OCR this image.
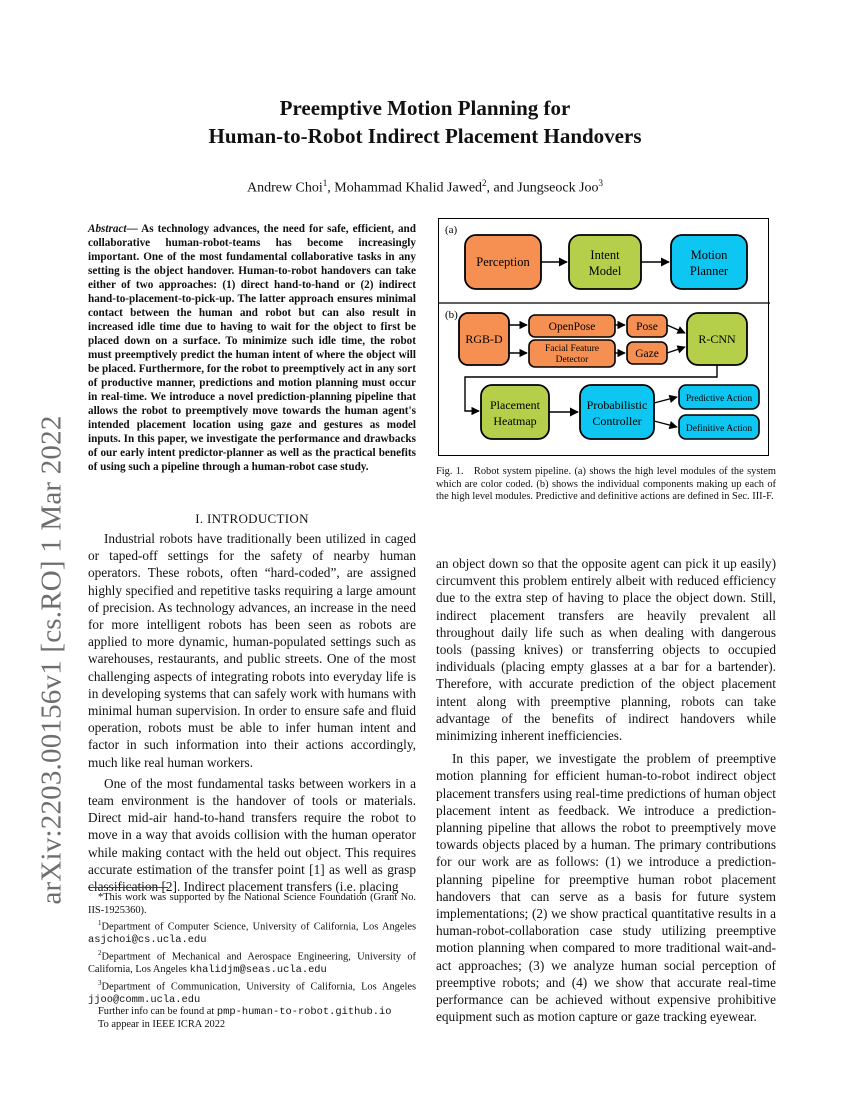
arXiv:2203.00156v1 [cs.RO] 1 Mar 2022
Preemptive Motion Planning for
Human-to-Robot Indirect Placement Handovers
Andrew Choi$^1$, Mohammad Khalid Jawed$^2$, and Jungseock Joo$^3$
Abstract— As technology advances, the need for safe, efficient, and collaborative human-robot-teams has become increasingly important. One of the most fundamental collaborative tasks in any setting is the object handover. Human-to-robot handovers can take either of two approaches: (1) direct hand-to-hand or (2) indirect hand-to-placement-to-pick-up. The latter approach ensures minimal contact between the human and robot but can also result in increased idle time due to having to wait for the object to first be placed down on a surface. To minimize such idle time, the robot must preemptively predict the human intent of where the object will be placed. Furthermore, for the robot to preemptively act in any sort of productive manner, predictions and motion planning must occur in real-time. We introduce a novel prediction-planning pipeline that allows the robot to preemptively move towards the human agent's intended placement location using gaze and gestures as model inputs. In this paper, we investigate the performance and drawbacks of our early intent predictor-planner as well as the practical benefits of using such a pipeline through a human-robot case study.
I. INTRODUCTION

Industrial robots have traditionally been utilized in caged or taped-off settings for the safety of nearby human operators. These robots, often “hard-coded”, are assigned highly specified and repetitive tasks requiring a large amount of precision. As technology advances, an increase in the need for more intelligent robots has been seen as robots are applied to more dynamic, human-populated settings such as warehouses, restaurants, and public streets. One of the most challenging aspects of integrating robots into everyday life is in developing systems that can safely work with humans with minimal human supervision. In order to ensure safe and fluid operation, robots must be able to infer human intent and factor in such information into their actions accordingly, much like real human workers.

One of the most fundamental tasks between workers in a team environment is the handover of tools or materials. Direct mid-air hand-to-hand transfers require the robot to move in a way that avoids collision with the human operator while making contact with the held out object. This requires accurate estimation of the transfer point [1] as well as grasp classification [2]. Indirect placement transfers (i.e. placing

*This work was supported by the National Science Foundation (Grant No. IIS-1925360).

$^1$Department of Computer Science, University of California, Los Angeles asjchoi@cs.ucla.edu

$^2$Department of Mechanical and Aerospace Engineering, University of California, Los Angeles khalidjm@seas.ucla.edu

$^3$Department of Communication, University of California, Los Angeles jjoo@comm.ucla.edu

Further info can be found at pmp-human-to-robot.github.io

To appear in IEEE ICRA 2022

(a)
Perception	Intent
Model
Motion
Planner
(b)
RGB-D
OpenPose
Facial Feature
Detector
Pose
Gaze
R-CNN
Placement
Heatmap
Probabilistic
Controller
Predictive Action
Definitive Action
Fig. 1. Robot system pipeline. (a) shows the high level modules of the system which are color coded. (b) shows the individual components making up each of the high level modules. Predictive and definitive actions are defined in Sec. III-F.

an object down so that the opposite agent can pick it up easily) circumvent this problem entirely albeit with reduced efficiency due to the extra step of having to place the object down. Still, indirect placement transfers are heavily prevalent all throughout daily life such as when dealing with dangerous tools (passing knives) or transferring objects to occupied individuals (placing empty glasses at a bar for a bartender). Therefore, with accurate prediction of the object placement intent along with preemptive planning, robots can take advantage of the benefits of indirect handovers while minimizing inherent inefficiencies.

In this paper, we investigate the problem of preemptive motion planning for efficient human-to-robot indirect object placement transfers using real-time predictions of human object placement intent as feedback. We introduce a prediction-planning pipeline that allows the robot to preemptively move towards objects placed by a human. The primary contributions for our work are as follows: (1) we introduce a prediction-planning pipeline for preemptive human robot placement handovers that can serve as a basis for future system implementations; (2) we show practical quantitative results in a human-robot-collaboration case study utilizing preemptive motion planning when compared to more traditional wait-and-act approaches; (3) we analyze human social perception of preemptive robots; and (4) we show that accurate real-time performance can be achieved without expensive prohibitive equipment such as motion capture or gaze tracking eyewear.
